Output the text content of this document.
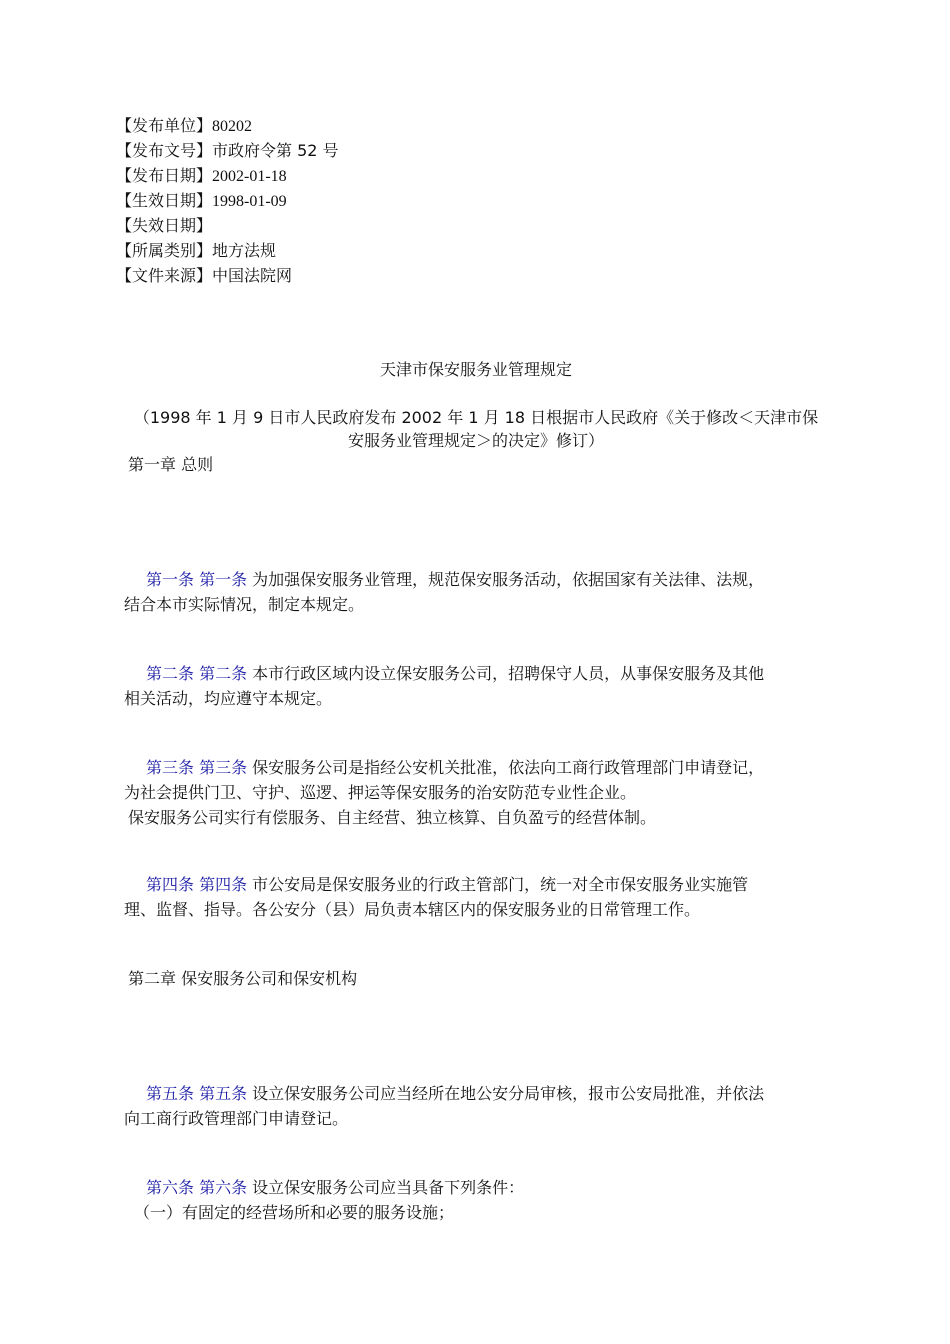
【发布单位】80202
【发布文号】市政府令第 52 号
【发布日期】2002-01-18
【生效日期】1998-01-09
【失效日期】
【所属类别】地方法规
【文件来源】中国法院网
天津市保安服务业管理规定
（1998 年 1 月 9 日市人民政府发布 2002 年 1 月 18 日根据市人民政府《关于修改＜天津市保
安服务业管理规定＞的决定》修订）
第一章 总则
第一条 第一条 为加强保安服务业管理，规范保安服务活动，依据国家有关法律、法规，
结合本市实际情况，制定本规定。
第二条 第二条 本市行政区域内设立保安服务公司，招聘保守人员，从事保安服务及其他
相关活动，均应遵守本规定。
第三条 第三条 保安服务公司是指经公安机关批准，依法向工商行政管理部门申请登记，
为社会提供门卫、守护、巡逻、押运等保安服务的治安防范专业性企业。
保安服务公司实行有偿服务、自主经营、独立核算、自负盈亏的经营体制。
第四条 第四条 市公安局是保安服务业的行政主管部门，统一对全市保安服务业实施管
理、监督、指导。各公安分（县）局负责本辖区内的保安服务业的日常管理工作。
第二章 保安服务公司和保安机构
第五条 第五条 设立保安服务公司应当经所在地公安分局审核，报市公安局批准，并依法
向工商行政管理部门申请登记。
第六条 第六条 设立保安服务公司应当具备下列条件：
（一）有固定的经营场所和必要的服务设施；
